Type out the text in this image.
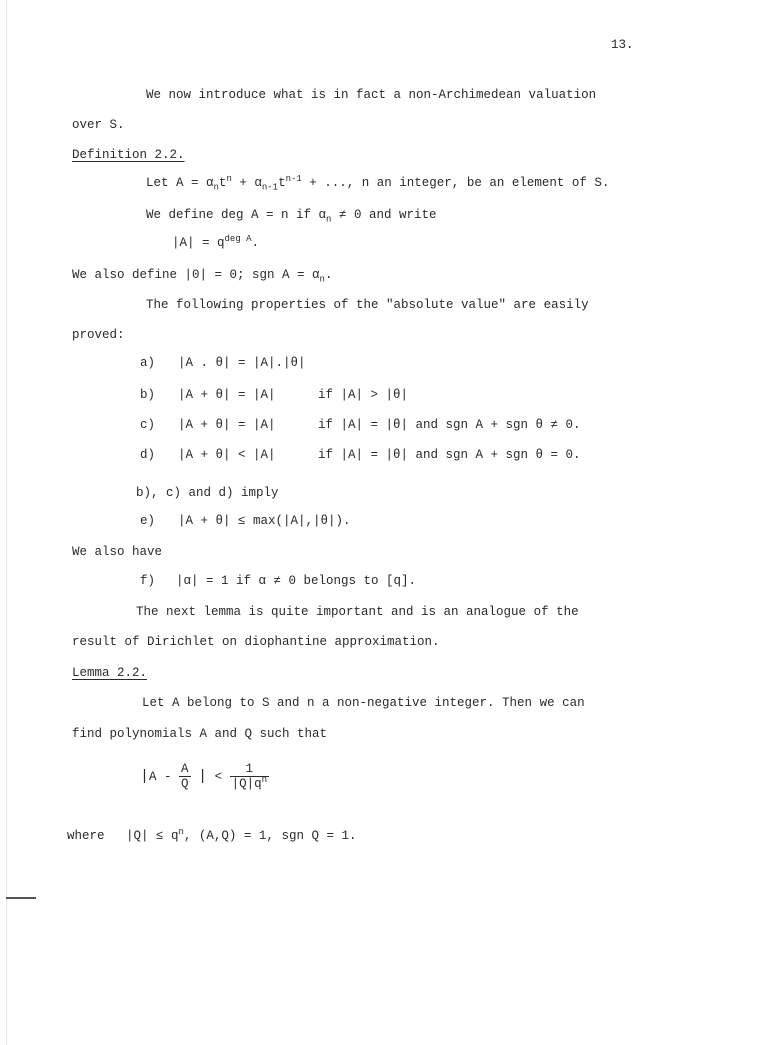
13.
We now introduce what is in fact a non-Archimedean valuation
over S.
Definition 2.2.
Let $A = \alpha_nt^n + \alpha_{n-1}t^{n-1}$ + ..., n an integer, be an element of S.
We define deg A = n if $\alpha_n \ne 0$ and write
$|A| = q^{deg A}$.
We also define |0| = 0; sgn $A = \alpha_n$.
The following properties of the "absolute value" are easily
proved:
a) |A . θ| = |A|.|θ|
b) |A + θ| = |A|	if |A| > |θ|
c) |A + θ| = |A|	if |A| = |θ| and sgn A + sgn θ ≠ 0.
d) |A + θ| < |A|	if |A| = |θ| and sgn A + sgn θ = 0.
b), c) and d) imply
e) |A + θ| ≤ max(|A|,|θ|).
We also have
f) |α| = 1 if α ≠ 0 belongs to [q].
The next lemma is quite important and is an analogue of the
result of Dirichlet on diophantine approximation.
Lemma 2.2.
Let A belong to S and n a non-negative integer. Then we can
find polynomials A and Q such that
$|A - \frac{A}{Q}$ | < $\frac{1}{|Q|q^n}$
where $|Q| \le q^n$, (A,Q) = 1, sgn Q = 1.
